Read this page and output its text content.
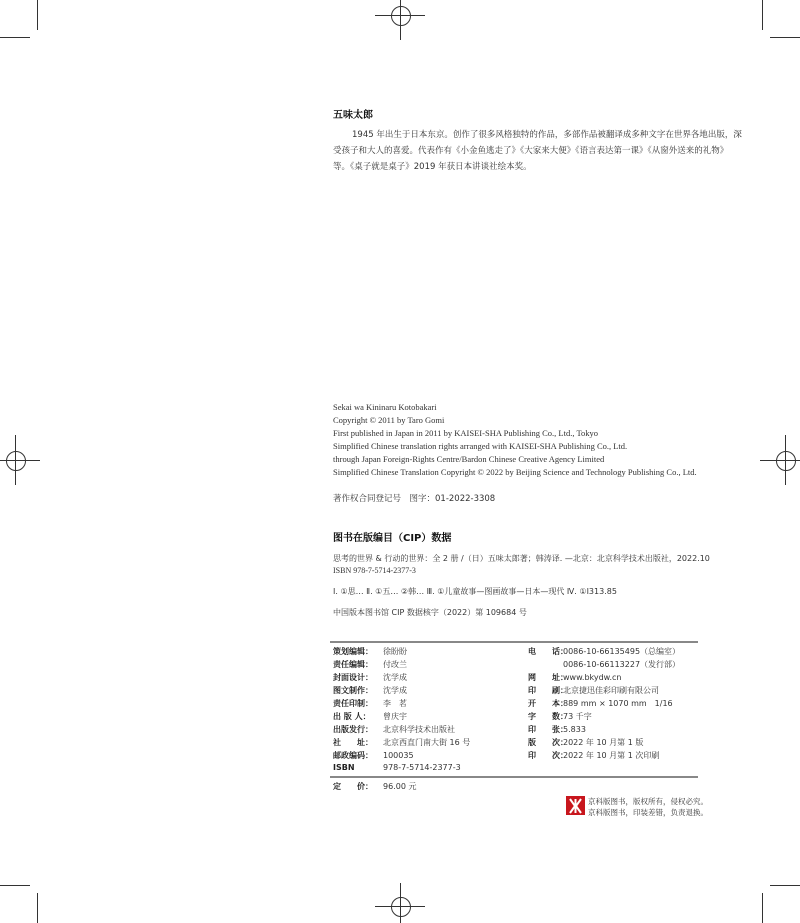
五味太郎
1945 年出生于日本东京。创作了很多风格独特的作品，多部作品被翻译成多种文字在世界各地出版，深
受孩子和大人的喜爱。代表作有《小金鱼逃走了》《大家来大便》《语言表达第一课》《从窗外送来的礼物》
等。《桌子就是桌子》2019 年获日本讲谈社绘本奖。
Sekai wa Kininaru Kotobakari
Copyright © 2011 by Taro Gomi
First published in Japan in 2011 by KAISEI-SHA Publishing Co., Ltd., Tokyo
Simplified Chinese translation rights arranged with KAISEI-SHA Publishing Co., Ltd.
through Japan Foreign-Rights Centre/Bardon Chinese Creative Agency Limited
Simplified Chinese Translation Copyright © 2022 by Beijing Science and Technology Publishing Co., Ltd.
著作权合同登记号　图字：01-2022-3308
图书在版编目（CIP）数据
思考的世界 & 行动的世界：全 2 册 /（日）五味太郎著；韩涛译. —北京：北京科学技术出版社，2022.10
ISBN 978-7-5714-2377-3
Ⅰ. ①思… Ⅱ. ①五… ②韩… Ⅲ. ①儿童故事—图画故事—日本—现代 Ⅳ. ①I313.85
中国版本图书馆 CIP 数据核字（2022）第 109684 号
策划编辑： 徐盼盼
责任编辑： 付改兰
封面设计： 沈学成
图文制作： 沈学成
责任印制： 李　茗
出 版 人： 曾庆宇
出版发行： 北京科学技术出版社
社　　址： 北京西直门南大街 16 号
邮政编码： 100035
ISBN	978-7-5714-2377-3
电　　话：0086-10-66135495（总编室）
0086-10-66113227（发行部）
网　　址：www.bkydw.cn
印　　刷：北京捷迅佳彩印刷有限公司
开　　本：889 mm × 1070 mm　1/16
字　　数：73 千字
印　　张：5.833
版　　次：2022 年 10 月第 1 版
印　　次：2022 年 10 月第 1 次印刷
定　　价： 96.00 元
京科版图书，版权所有，侵权必究。
京科版图书，印装差错，负责退换。
